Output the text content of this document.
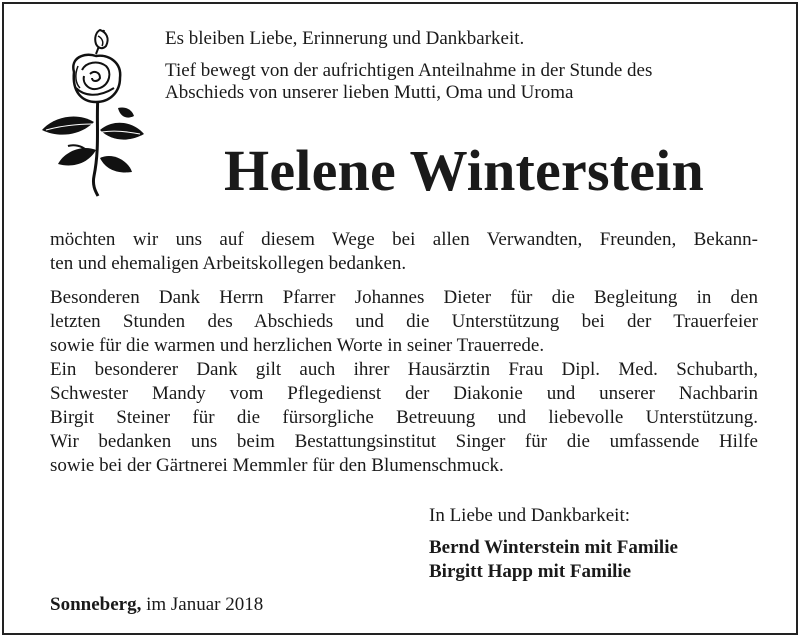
Es bleiben Liebe, Erinnerung und Dankbarkeit.

Tief bewegt von der aufrichtigen Anteilnahme in der Stunde des

Abschieds von unserer lieben Mutti, Oma und Uroma

Helene Winterstein

möchten wir uns auf diesem Wege bei allen Verwandten, Freunden, Bekann-
ten und ehemaligen Arbeitskollegen bedanken.

Besonderen Dank Herrn Pfarrer Johannes Dieter für die Begleitung in den
letzten Stunden des Abschieds und die Unterstützung bei der Trauerfeier
sowie für die warmen und herzlichen Worte in seiner Trauerrede.
Ein besonderer Dank gilt auch ihrer Hausärztin Frau Dipl. Med. Schubarth,
Schwester Mandy vom Pflegedienst der Diakonie und unserer Nachbarin
Birgit Steiner für die fürsorgliche Betreuung und liebevolle Unterstützung.
Wir bedanken uns beim Bestattungsinstitut Singer für die umfassende Hilfe
sowie bei der Gärtnerei Memmler für den Blumenschmuck.

In Liebe und Dankbarkeit:
Bernd Winterstein mit Familie
Birgitt Happ mit Familie
Sonneberg, im Januar 2018
